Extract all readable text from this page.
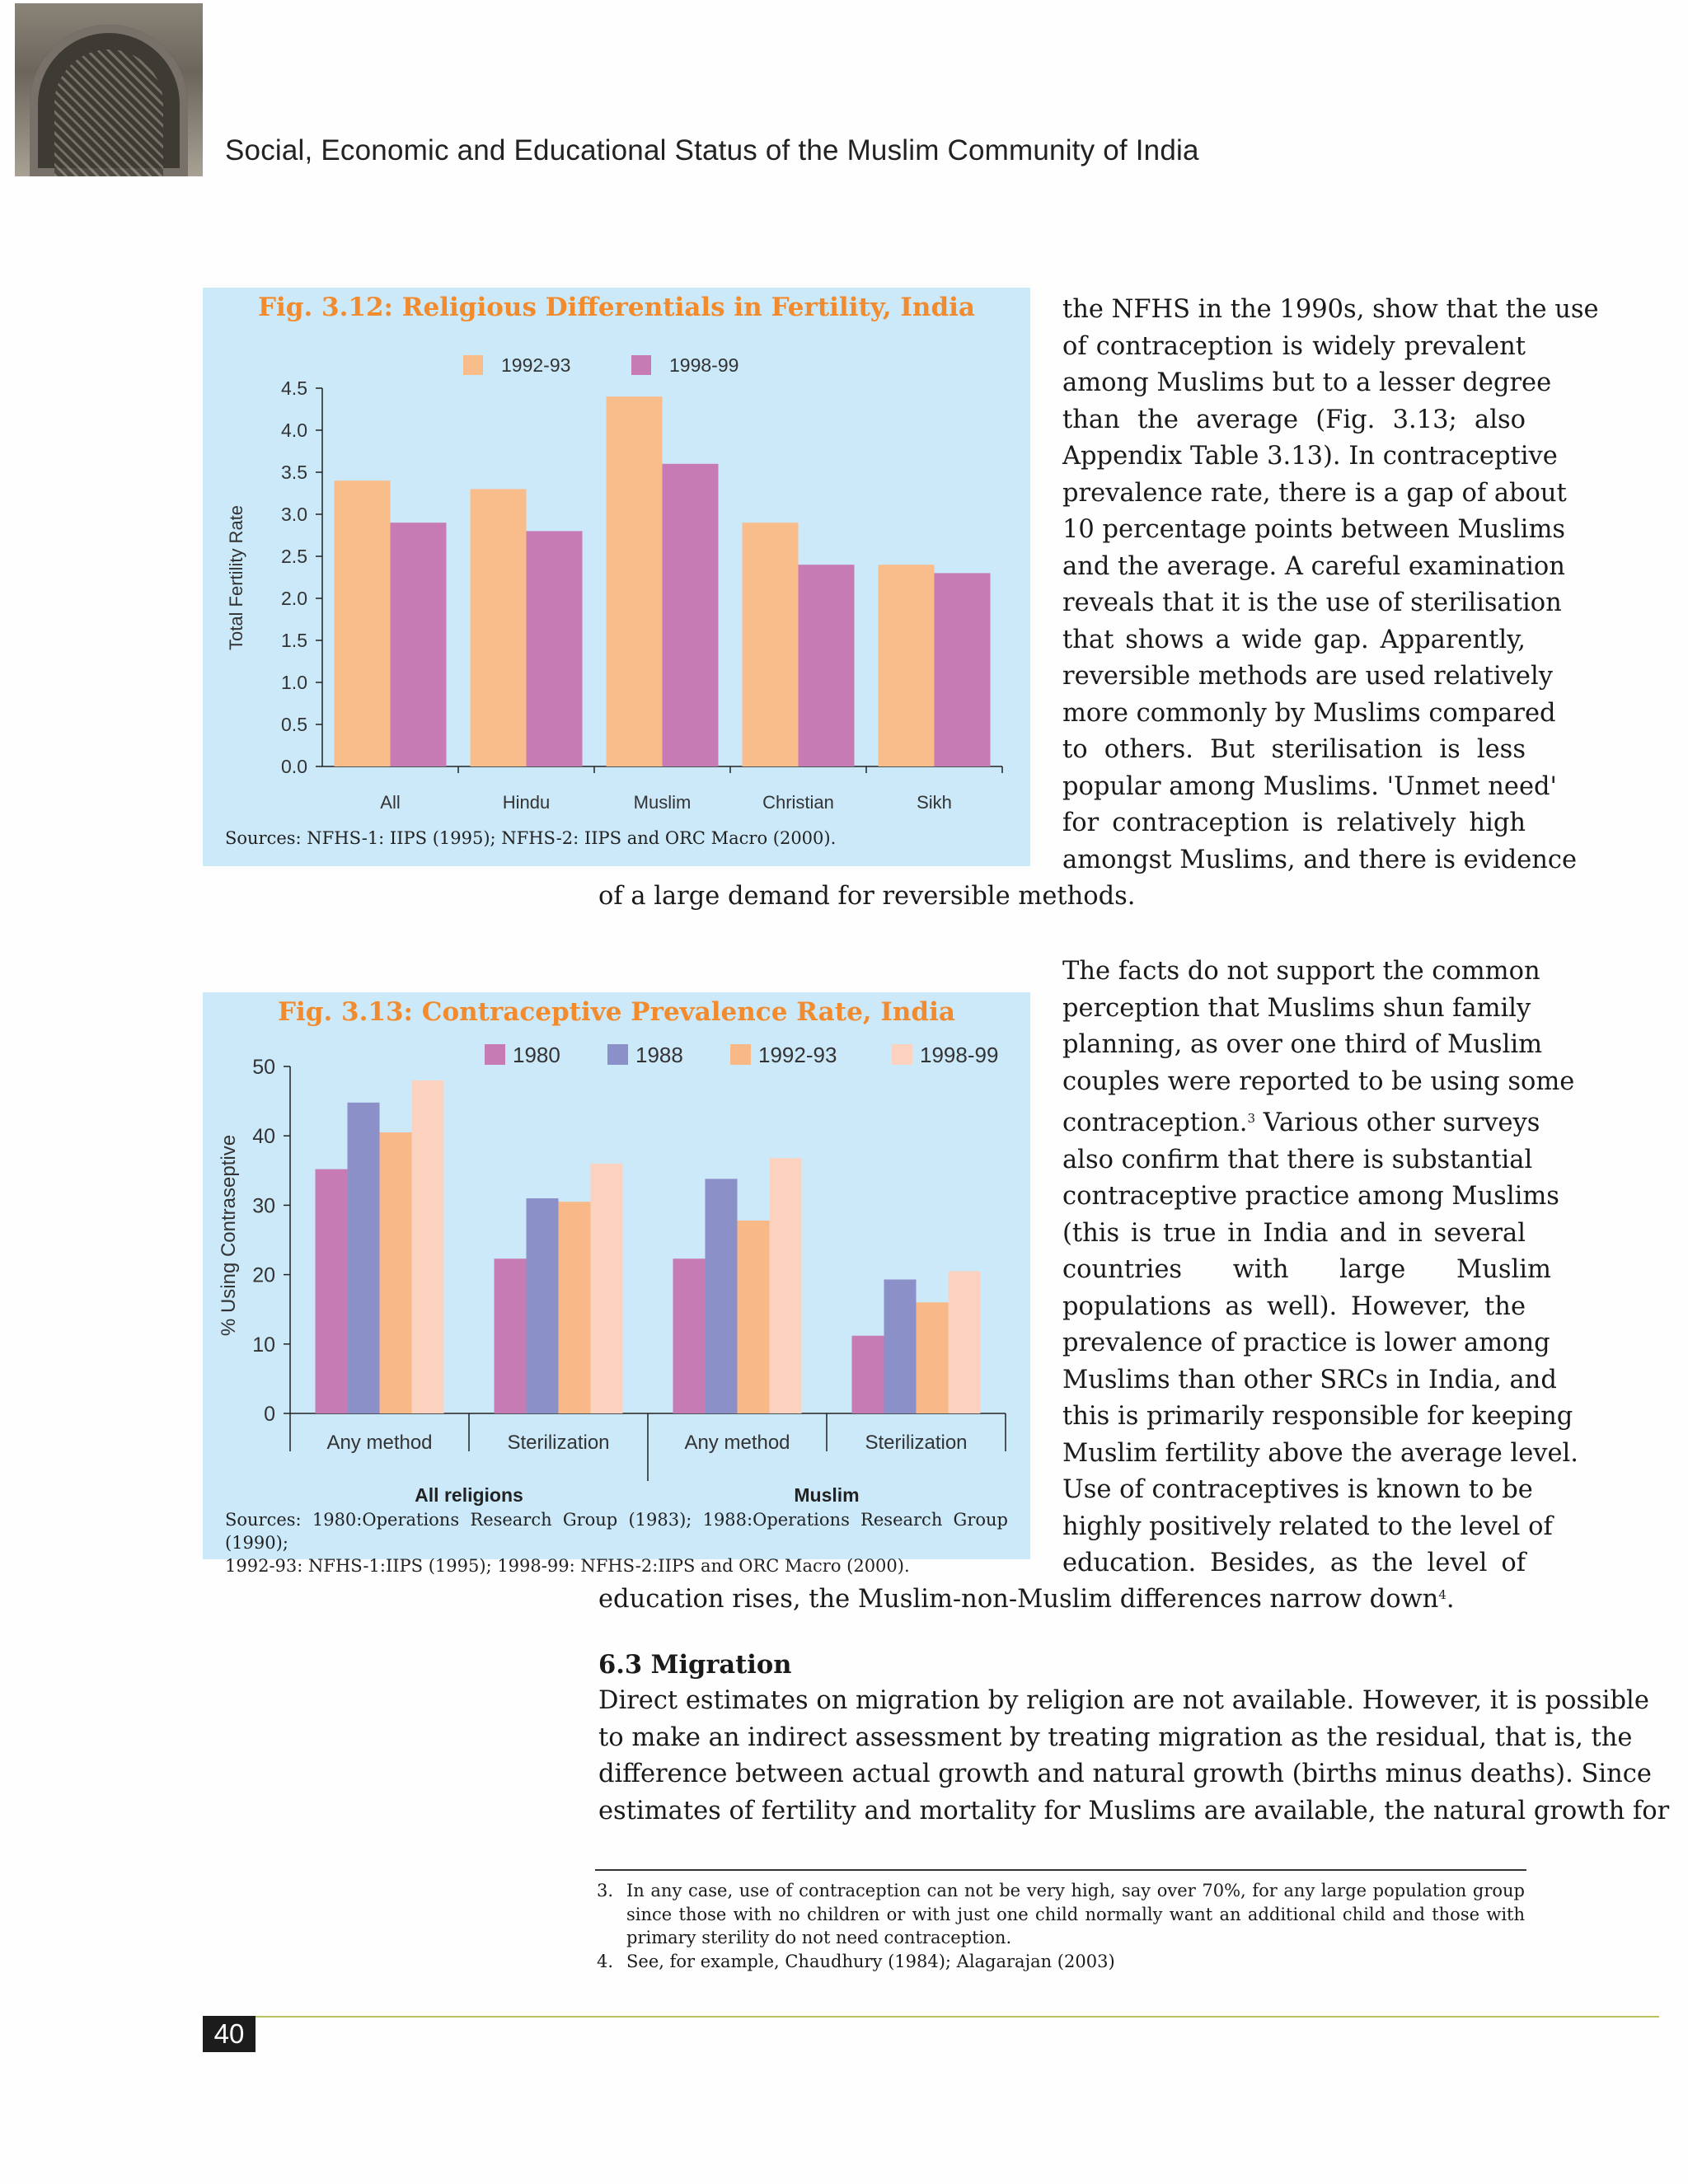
Social, Economic and Educational Status of the Muslim Community of India
Fig. 3.12: Religious Differentials in Fertility, India
0.0
0.5
1.0
1.5
2.0
2.5
3.0
3.5
4.0
4.5
Total Fertility Rate
All	Hindu	Muslim	Christian	Sikh
1992-93	1998-99
Sources: NFHS-1: IIPS (1995); NFHS-2: IIPS and ORC Macro (2000).
Fig. 3.13: Contraceptive Prevalence Rate, India
0
10
20
30
40
50
% Using Contraseptive
Any method	Sterilization	Any method	Sterilization
All religions	Muslim
1980	1988	1992-93	1998-99
Sources: 1980:Operations Research Group (1983); 1988:Operations Research Group (1990);
1992-93: NFHS-1:IIPS (1995); 1998-99: NFHS-2:IIPS and ORC Macro (2000).
the NFHS in the 1990s, show that the use
of contraception is widely prevalent
among Muslims but to a lesser degree
than the average (Fig. 3.13; also
Appendix Table 3.13). In contraceptive
prevalence rate, there is a gap of about
10 percentage points between Muslims
and the average. A careful examination
reveals that it is the use of sterilisation
that shows a wide gap. Apparently,
reversible methods are used relatively
more commonly by Muslims compared
to others. But sterilisation is less
popular among Muslims. 'Unmet need'
for contraception is relatively high
amongst Muslims, and there is evidence
of a large demand for reversible methods.
The facts do not support the common
perception that Muslims shun family
planning, as over one third of Muslim
couples were reported to be using some
contraception.$^3$ Various other surveys
also confirm that there is substantial
contraceptive practice among Muslims
(this is true in India and in several
countries with large Muslim
populations as well). However, the
prevalence of practice is lower among
Muslims than other SRCs in India, and
this is primarily responsible for keeping
Muslim fertility above the average level.
Use of contraceptives is known to be
highly positively related to the level of
education. Besides, as the level of
education rises, the Muslim-non-Muslim differences narrow down$^4$.
6.3 Migration
Direct estimates on migration by religion are not available. However, it is possible
to make an indirect assessment by treating migration as the residual, that is, the
difference between actual growth and natural growth (births minus deaths). Since
estimates of fertility and mortality for Muslims are available, the natural growth for
3. In any case, use of contraception can not be very high, say over 70%, for any large population group since those with no children or with just one child normally want an additional child and those with primary sterility do not need contraception.
4. See, for example, Chaudhury (1984); Alagarajan (2003)
40
